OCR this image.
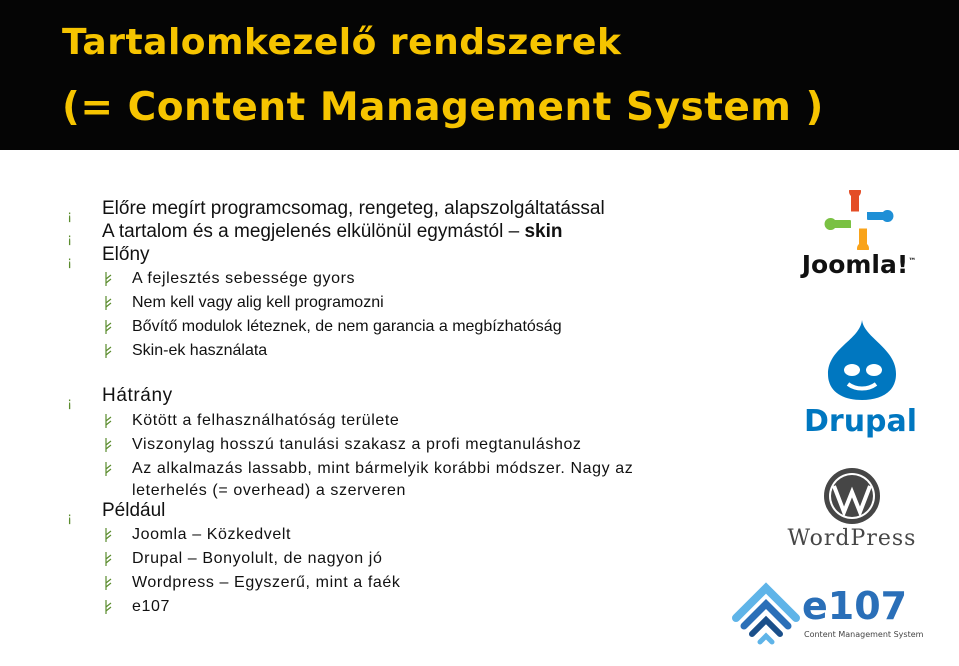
Tartalomkezelő rendszerek
(= Content Management System )
¡ Előre megírt programcsomag, rengeteg, alapszolgáltatással
¡ A tartalom és a megjelenés elkülönül egymástól – skin
¡ Előny
A fejlesztés sebessége gyors
Nem kell vagy alig kell programozni
Bővítő modulok léteznek, de nem garancia a megbízhatóság
Skin-ek használata
¡ Hátrány
Kötött a felhasználhatóság területe
Viszonylag hosszú tanulási szakasz a profi megtanuláshoz
Az alkalmazás lassabb, mint bármelyik korábbi módszer. Nagy az
leterhelés (= overhead) a szerveren
¡ Például
Joomla – Közkedvelt
Drupal – Bonyolult, de nagyon jó
Wordpress – Egyszerű, mint a faék
e107
Joomla!™
Drupal
WordPress
e107
Content Management System
